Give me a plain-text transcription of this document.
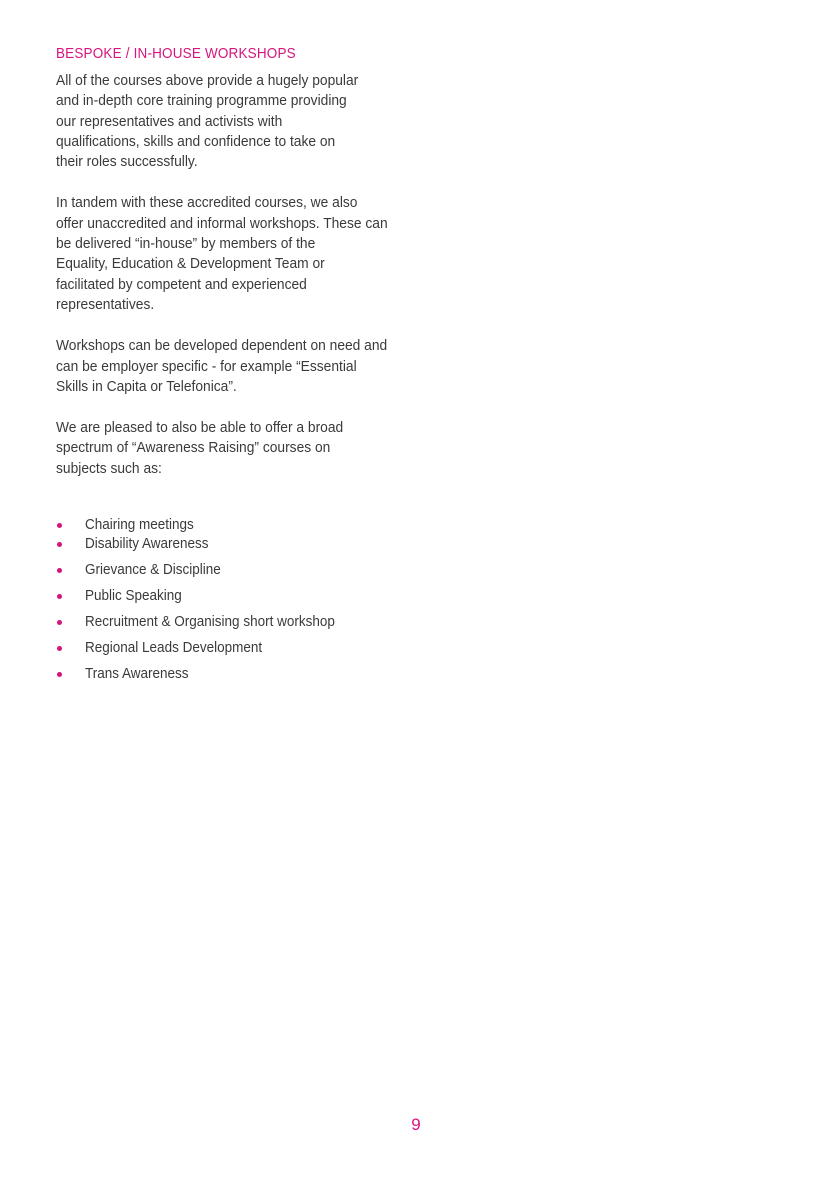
BESPOKE / IN-HOUSE WORKSHOPS

All of the courses above provide a hugely popular
and in-depth core training programme providing
our representatives and activists with
qualifications, skills and confidence to take on
their roles successfully.

In tandem with these accredited courses, we also
offer unaccredited and informal workshops. These can
be delivered “in-house” by members of the
Equality, Education & Development Team or
facilitated by competent and experienced
representatives.

Workshops can be developed dependent on need and
can be employer specific - for example “Essential
Skills in Capita or Telefonica”.

We are pleased to also be able to offer a broad
spectrum of “Awareness Raising” courses on
subjects such as:

Chairing meetings
Disability Awareness
Grievance & Discipline
Public Speaking
Recruitment & Organising short workshop
Regional Leads Development
Trans Awareness
9
